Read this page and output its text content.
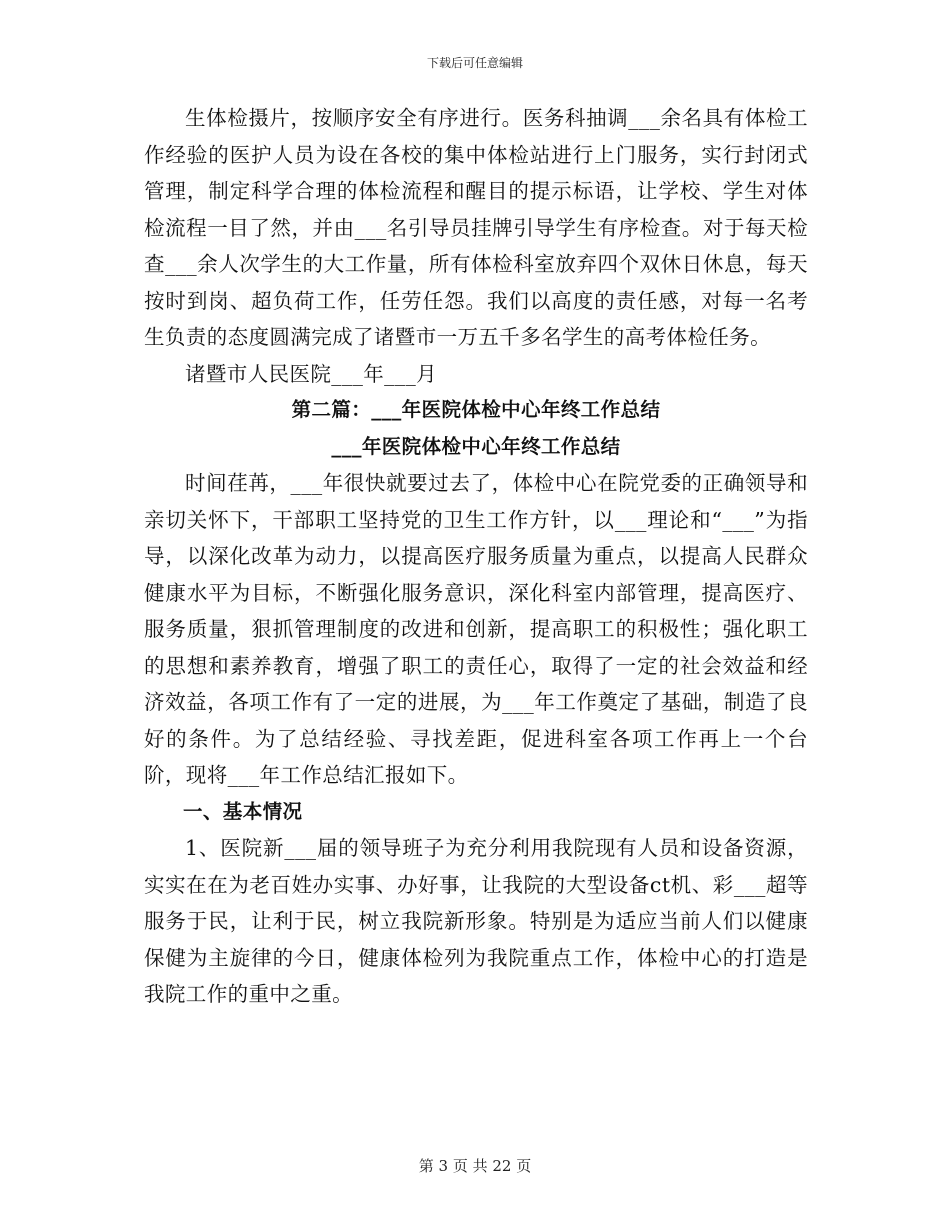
下载后可任意编辑

生体检摄片，按顺序安全有序进行。医务科抽调___余名具有体检工作经验的医护人员为设在各校的集中体检站进行上门服务，实行封闭式管理，制定科学合理的体检流程和醒目的提示标语，让学校、学生对体检流程一目了然，并由___名引导员挂牌引导学生有序检查。对于每天检查___余人次学生的大工作量，所有体检科室放弃四个双休日休息，每天按时到岗、超负荷工作，任劳任怨。我们以高度的责任感，对每一名考生负责的态度圆满完成了诸暨市一万五千多名学生的高考体检任务。

诸暨市人民医院___年___月

第二篇：___年医院体检中心年终工作总结

___年医院体检中心年终工作总结

时间荏苒，___年很快就要过去了，体检中心在院党委的正确领导和亲切关怀下，干部职工坚持党的卫生工作方针，以___理论和“___”为指导，以深化改革为动力，以提高医疗服务质量为重点，以提高人民群众健康水平为目标，不断强化服务意识，深化科室内部管理，提高医疗、服务质量，狠抓管理制度的改进和创新，提高职工的积极性；强化职工的思想和素养教育，增强了职工的责任心，取得了一定的社会效益和经济效益，各项工作有了一定的进展，为___年工作奠定了基础，制造了良好的条件。为了总结经验、寻找差距，促进科室各项工作再上一个台阶，现将___年工作总结汇报如下。

一、基本情况

1、医院新___届的领导班子为充分利用我院现有人员和设备资源，实实在在为老百姓办实事、办好事，让我院的大型设备ct机、彩___超等服务于民，让利于民，树立我院新形象。特别是为适应当前人们以健康保健为主旋律的今日，健康体检列为我院重点工作，体检中心的打造是我院工作的重中之重。

第 3 页 共 22 页
